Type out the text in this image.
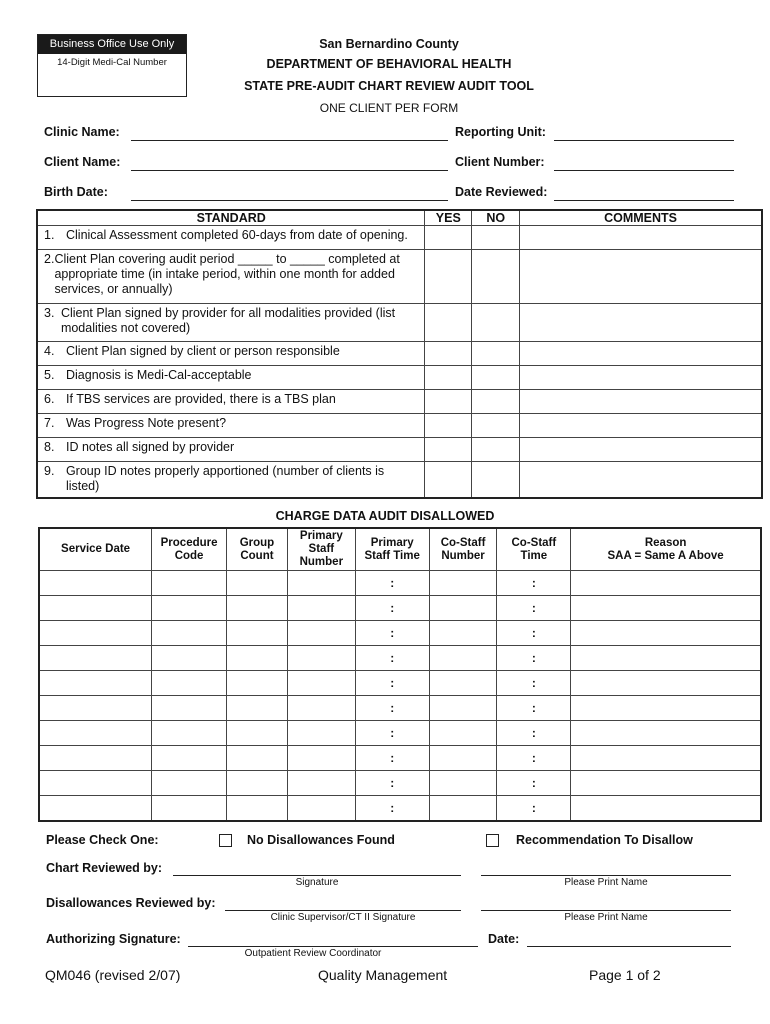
Business Office Use Only
14-Digit Medi-Cal Number
San Bernardino County
DEPARTMENT OF BEHAVIORAL HEALTH
STATE PRE-AUDIT CHART REVIEW AUDIT TOOL
ONE CLIENT PER FORM
Clinic Name:	Reporting Unit:
Client Name:	Client Number:
Birth Date:	Date Reviewed:
STANDARD	YES	NO	COMMENTS

1. Clinical Assessment completed 60-days from date of opening.			

2. Client Plan covering audit period _____ to _____ completed at appropriate time (in intake period, within one month for added services, or annually)			

3. Client Plan signed by provider for all modalities provided (list modalities not covered)			

4. Client Plan signed by client or person responsible			

5. Diagnosis is Medi-Cal-acceptable			

6. If TBS services are provided, there is a TBS plan			

7. Was Progress Note present?			

8. ID notes all signed by provider			

9. Group ID notes properly apportioned (number of clients is listed)			

CHARGE DATA AUDIT DISALLOWED
Service Date	Procedure Code	Group Count	Primary Staff Number	Primary Staff Time	Co-Staff Number	Co-Staff Time	Reason
SAA = Same A Above
				:		:	
				:		:	
				:		:	
				:		:	
				:		:	
				:		:	
				:		:	
				:		:	
				:		:	
				:		:	
Please Check One:	No Disallowances Found	Recommendation To Disallow
Chart Reviewed by:
Signature	Please Print Name
Disallowances Reviewed by:
Clinic Supervisor/CT II Signature	Please Print Name
Authorizing Signature:
Outpatient Review Coordinator
Date:
QM046 (revised 2/07)	Quality Management	Page 1 of 2
